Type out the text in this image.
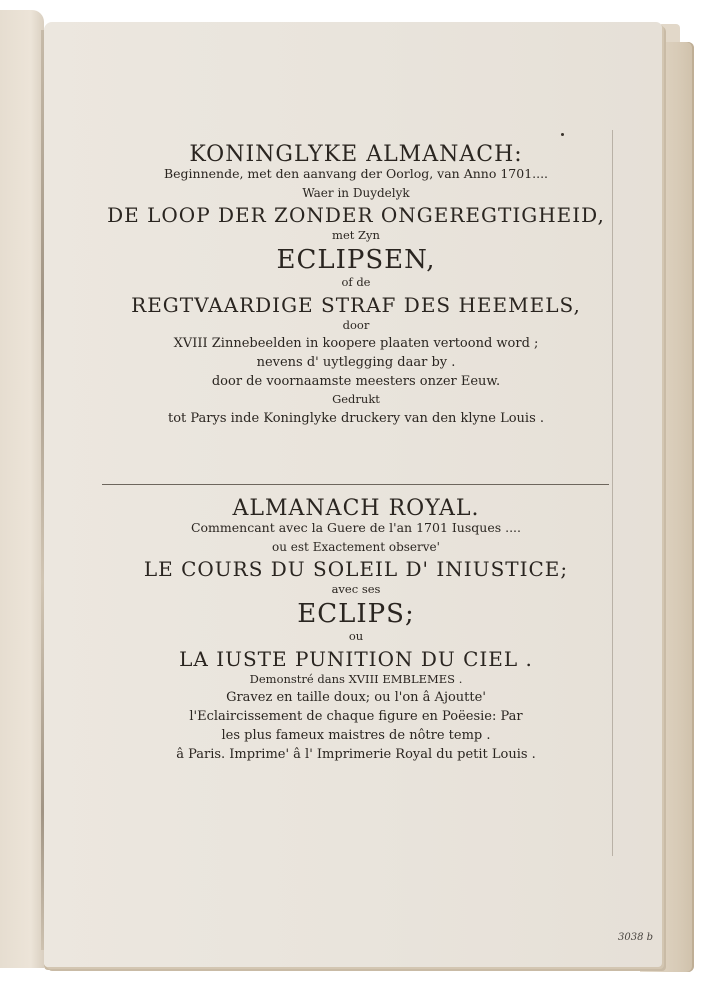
KONINGLYKE ALMANACH:
Beginnende, met den aanvang der Oorlog, van Anno 1701....
Waer in Duydelyk
DE LOOP DER ZONDER ONGEREGTIGHEID,
met Zyn
ECLIPSEN,
of de
REGTVAARDIGE STRAF DES HEEMELS,
door
XVIII Zinnebeelden in koopere plaaten vertoond word ;
nevens d' uytlegging daar by .
door de voornaamste meesters onzer Eeuw.
Gedrukt
tot Parys inde Koninglyke druckery van den klyne Louis .
ALMANACH ROYAL.
Commencant avec la Guere de l'an 1701 Iusques ....
ou est Exactement observe'
LE COURS DU SOLEIL D' INIUSTICE;
avec ses
ECLIPS;
ou
LA IUSTE PUNITION DU CIEL .
Demonstré dans XVIII EMBLEMES .
Gravez en taille doux; ou l'on â Ajoutte'
l'Eclaircissement de chaque figure en Poëesie: Par
les plus fameux maistres de nôtre temp .
â Paris. Imprime' â l' Imprimerie Royal du petit Louis .
3038 b
